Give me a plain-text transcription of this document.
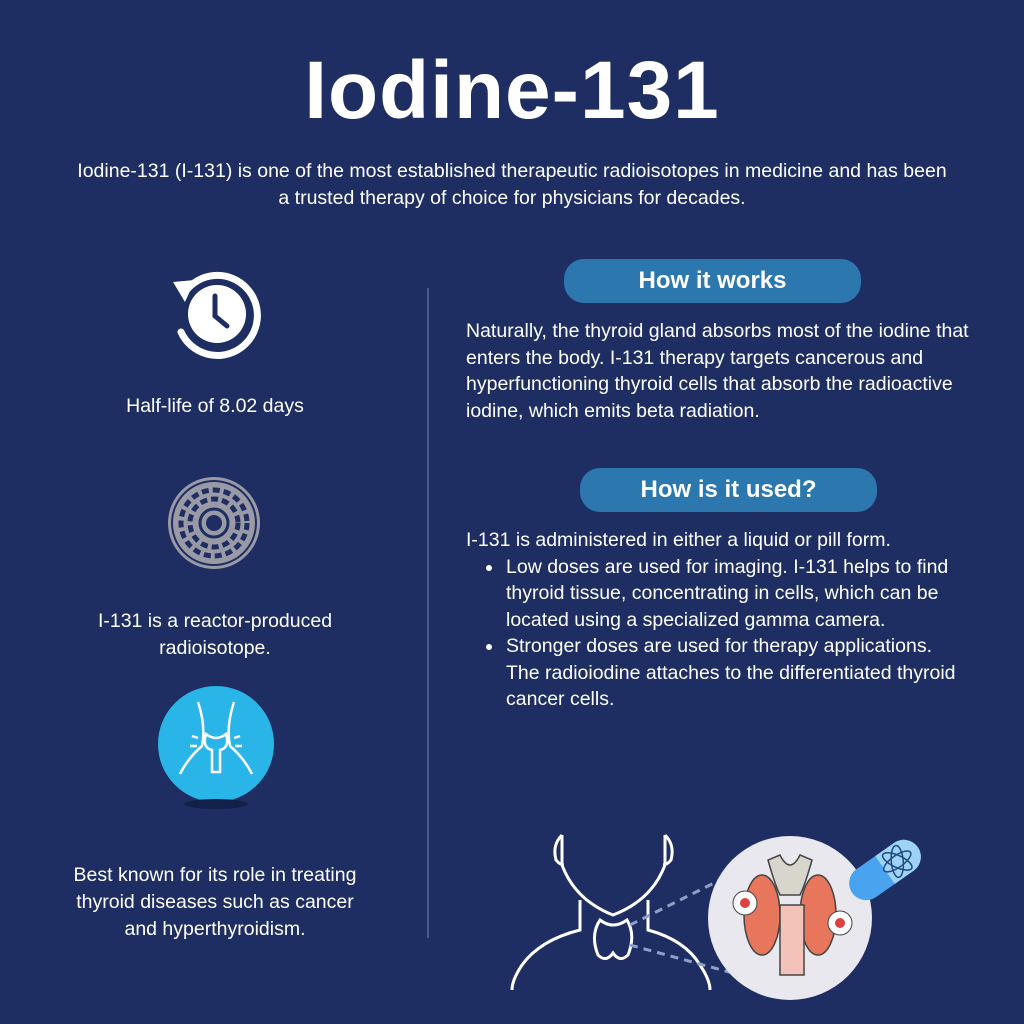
Iodine-131
Iodine-131 (I-131) is one of the most established therapeutic radioisotopes in medicine and has been a trusted therapy of choice for physicians for decades.
Half-life of 8.02 days
I-131 is a reactor-produced radioisotope.
Best known for its role in treating thyroid diseases such as cancer and hyperthyroidism.
How it works
Naturally, the thyroid gland absorbs most of the iodine that enters the body. I-131 therapy targets cancerous and hyperfunctioning thyroid cells that absorb the radioactive iodine, which emits beta radiation.
How is it used?
I-131 is administered in either a liquid or pill form.
Low doses are used for imaging. I-131 helps to find thyroid tissue, concentrating in cells, which can be located using a specialized gamma camera.
Stronger doses are used for therapy applications. The radioiodine attaches to the differentiated thyroid cancer cells.
